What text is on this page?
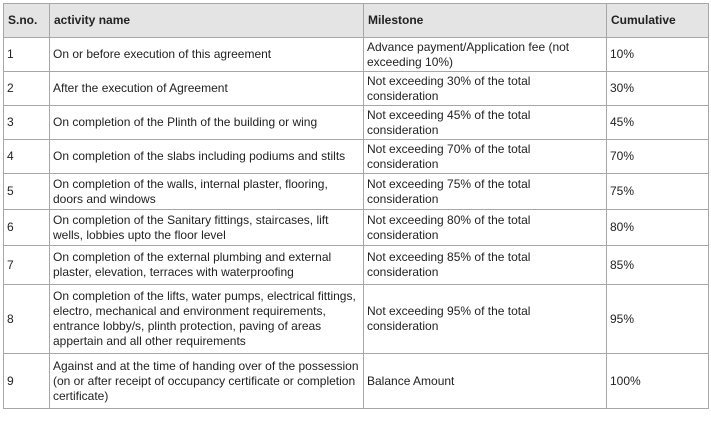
S.no.	activity name	Milestone	Cumulative
1	On or before execution of this agreement	Advance payment/Application fee (not exceeding 10%)	10%
2	After the execution of Agreement	Not exceeding 30% of the total consideration	30%
3	On completion of the Plinth of the building or wing	Not exceeding 45% of the total consideration	45%
4	On completion of the slabs including podiums and stilts	Not exceeding 70% of the total consideration	70%
5	On completion of the walls, internal plaster, flooring, doors and windows	Not exceeding 75% of the total consideration	75%
6	On completion of the Sanitary fittings, staircases, lift wells, lobbies upto the floor level	Not exceeding 80% of the total consideration	80%
7	On completion of the external plumbing and external plaster, elevation, terraces with waterproofing	Not exceeding 85% of the total consideration	85%
8	On completion of the lifts, water pumps, electrical fittings, electro, mechanical and environment requirements, entrance lobby/s, plinth protection, paving of areas appertain and all other requirements	Not exceeding 95% of the total consideration	95%
9	Against and at the time of handing over of the possession (on or after receipt of occupancy certificate or completion certificate)	Balance Amount	100%
